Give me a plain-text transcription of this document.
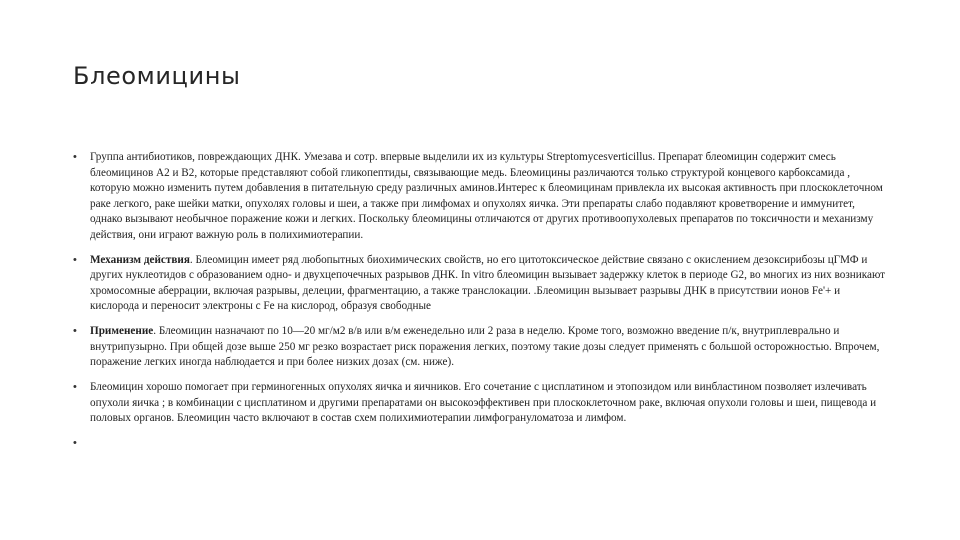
Блеомицины
• Группа антибиотиков, повреждающих ДНК. Умезава и сотр. впервые выделили их из культуры Streptomycesverticillus. Препарат блеомицин содержит смесь блеомицинов А2 и В2, которые представляют собой гликопептиды, связывающие медь. Блеомицины различаются только структурой концевого карбоксамида , которую можно изменить путем добавления в питательную среду различных аминов.Интерес к блеомицинам привлекла их высокая активность при плоскоклеточном раке легкого, раке шейки матки, опухолях головы и шеи, а также при лимфомах и опухолях яичка. Эти препараты слабо подавляют кроветворение и иммунитет, однако вызывают необычное поражение кожи и легких. Поскольку блеомицины отличаются от других противоопухолевых препаратов по токсичности и механизму действия, они играют важную роль в полихимиотерапии.
• Механизм действия. Блеомицин имеет ряд любопытных биохимических свойств, но его цитотоксическое действие связано с окислением дезоксирибозы цГМФ и других нуклеотидов с образованием одно- и двухцепочечных разрывов ДНК. In vitro блеомицин вызывает задержку клеток в периоде G2, во многих из них возникают хромосомные аберрации, включая разрывы, делеции, фрагментацию, а также транслокации. .Блеомицин вызывает разрывы ДНК в присутствии ионов Fe'+ и кислорода и переносит электроны с Fe на кислород, образуя свободные
• Применение. Блеомицин назначают по 10—20 мг/м2 в/в или в/м еженедельно или 2 раза в неделю. Кроме того, возможно введение п/к, внутриплеврально и внутрипузырно. При общей дозе выше 250 мг резко возрастает риск поражения легких, поэтому такие дозы следует применять с большой осторожностью. Впрочем, поражение легких иногда наблюдается и при более низких дозах (см. ниже).
• Блеомицин хорошо помогает при герминогенных опухолях яичка и яичников. Его сочетание с цисплатином и этопозидом или винбластином позволяет излечивать опухоли яичка ; в комбинации с цисплатином и другими препаратами он высокоэффективен при плоскоклеточном раке, включая опухоли головы и шеи, пищевода и половых органов. Блеомицин часто включают в состав схем полихимиотерапии лимфогрануломатоза и лимфом.
•
